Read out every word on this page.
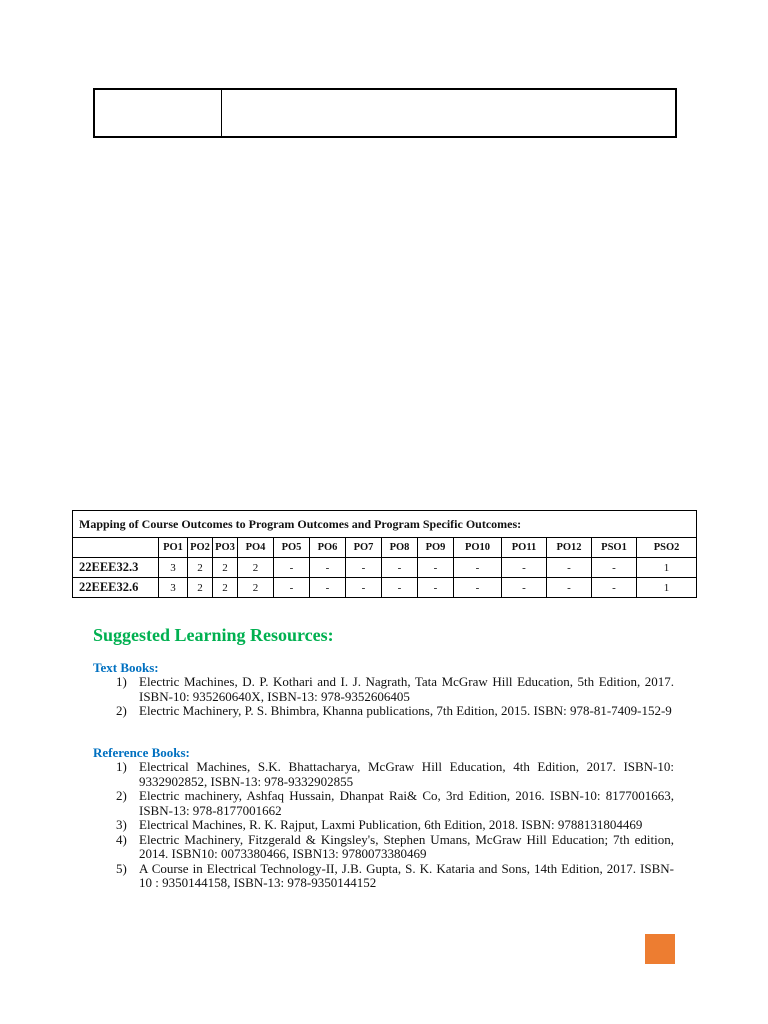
Mapping of Course Outcomes to Program Outcomes and Program Specific Outcomes:														
	PO1	PO2	PO3	PO4	PO5	PO6	PO7	PO8	PO9	PO10	PO11	PO12	PSO1	PSO2
22EEE32.3	3	2	2	2	-	-	-	-	-	-	-	-	-	1
22EEE32.6	3	2	2	2	-	-	-	-	-	-	-	-	-	1
Suggested Learning Resources:
Text Books:
1) Electric Machines, D. P. Kothari and I. J. Nagrath, Tata McGraw Hill Education, 5th Edition, 2017. ISBN-10: 935260640X, ISBN-13: 978-9352606405
2) Electric Machinery, P. S. Bhimbra, Khanna publications, 7th Edition, 2015. ISBN: 978-81-7409-152-9
Reference Books:
1) Electrical Machines, S.K. Bhattacharya, McGraw Hill Education, 4th Edition, 2017. ISBN-10: 9332902852, ISBN-13: 978-9332902855
2) Electric machinery, Ashfaq Hussain, Dhanpat Rai& Co, 3rd Edition, 2016. ISBN-10: 8177001663, ISBN-13: 978-8177001662
3) Electrical Machines, R. K. Rajput, Laxmi Publication, 6th Edition, 2018. ISBN: 9788131804469
4) Electric Machinery, Fitzgerald & Kingsley's, Stephen Umans, McGraw Hill Education; 7th edition, 2014. ISBN10: 0073380466, ISBN13: 9780073380469
5) A Course in Electrical Technology-II, J.B. Gupta, S. K. Kataria and Sons, 14th Edition, 2017. ISBN-10 : 9350144158, ISBN-13: 978-9350144152
